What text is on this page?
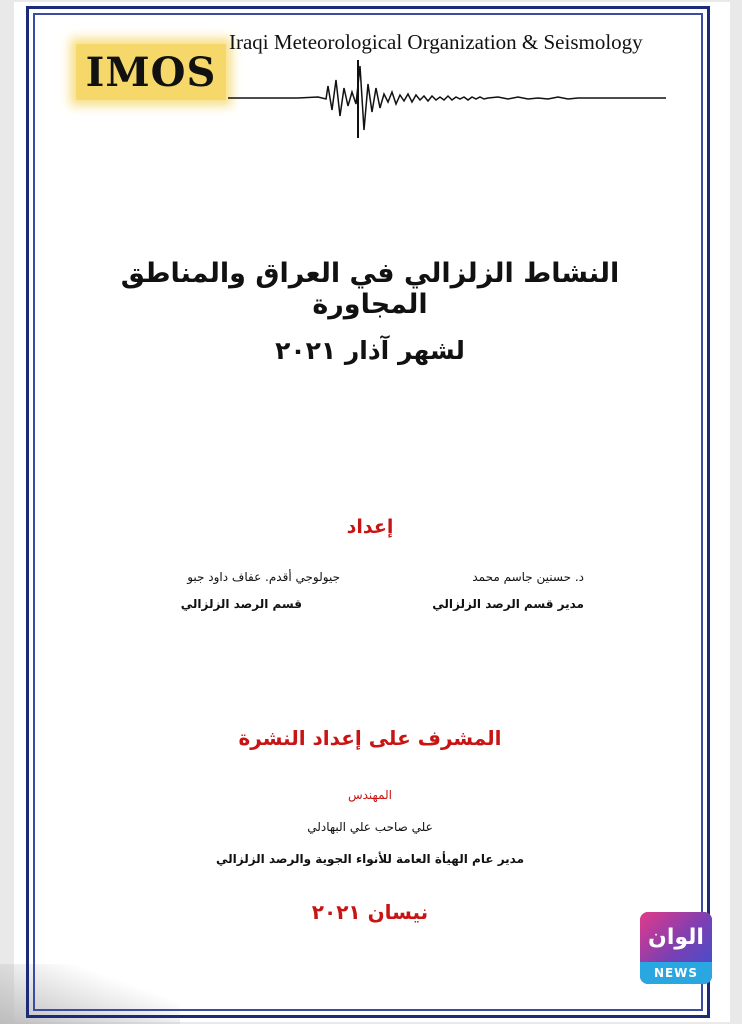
IMOS
Iraqi Meteorological Organization & Seismology
النشاط الزلزالي في العراق والمناطق المجاورة
لشهر آذار ٢٠٢١
إعداد
د. حسنين جاسم محمد
مدير قسم الرصد الزلزالي
جيولوجي أقدم. عفاف داود جبو
قسم الرصد الزلزالي
المشرف على إعداد النشرة
المهندس
علي صاحب علي البهادلي
مدير عام الهيأة العامة للأنواء الجوية والرصد الزلزالي
نيسان ٢٠٢١
الوان
NEWS
